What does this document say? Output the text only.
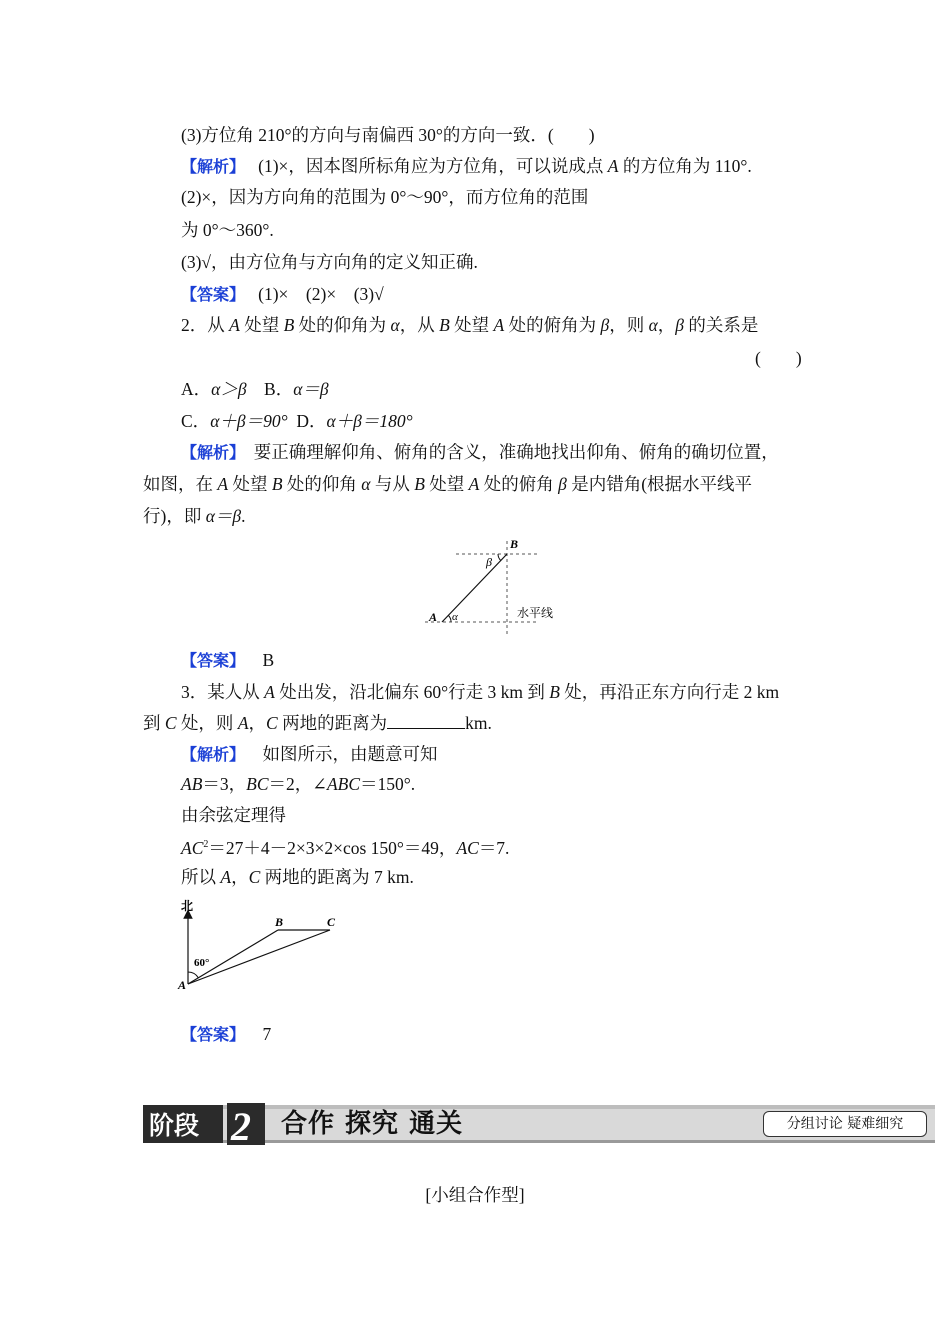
(3)方位角 210°的方向与南偏西 30°的方向一致．(　　)
【解析】 (1)×，因本图所标角应为方位角，可以说成点 A 的方位角为 110°.
(2)×，因为方向角的范围为 0°～90°，而方位角的范围
为 0°～360°.
(3)√，由方位角与方向角的定义知正确.
【答案】 (1)×　(2)×　(3)√
2．从 A 处望 B 处的仰角为 α，从 B 处望 A 处的俯角为 β，则 α，β 的关系是
(　　)
A．α＞β B．α＝β
C．α＋β＝90° D．α＋β＝180°
【解析】 要正确理解仰角、俯角的含义，准确地找出仰角、俯角的确切位置，
如图，在 A 处望 B 处的仰角 α 与从 B 处望 A 处的俯角 β 是内错角(根据水平线平
行)，即 α＝β.
B
β
A α	水平线
【答案】 B
3．某人从 A 处出发，沿北偏东 60°行走 3 km 到 B 处，再沿正东方向行走 2 km
到 C 处，则 A，C 两地的距离为	km.
【解析】 如图所示，由题意可知
AB＝3，BC＝2，∠ABC＝150°.
由余弦定理得
$AC^2=27+4-2\times 3\times 2\times\cos$ 150°＝49，AC＝7.
所以 A，C 两地的距离为 7 km.
北
B	C
60°
A
【答案】 7
阶段 2 合作 探究 通关	分组讨论 疑难细究
[小组合作型]
